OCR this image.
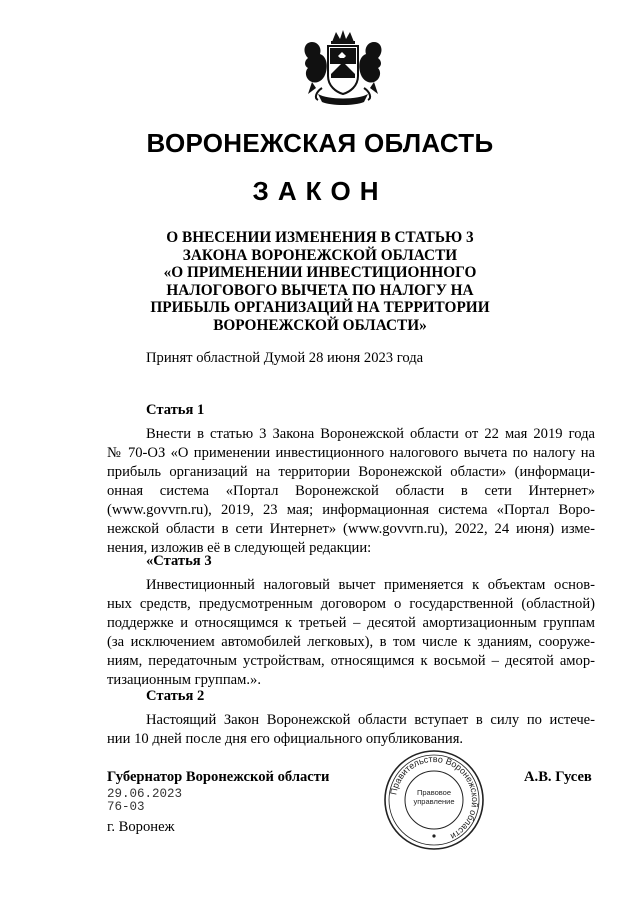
ВОРОНЕЖСКАЯ ОБЛАСТЬ
ЗАКОН
О ВНЕСЕНИИ ИЗМЕНЕНИЯ В СТАТЬЮ 3
ЗАКОНА ВОРОНЕЖСКОЙ ОБЛАСТИ
«О ПРИМЕНЕНИИ ИНВЕСТИЦИОННОГО
НАЛОГОВОГО ВЫЧЕТА ПО НАЛОГУ НА
ПРИБЫЛЬ ОРГАНИЗАЦИЙ НА ТЕРРИТОРИИ
ВОРОНЕЖСКОЙ ОБЛАСТИ»
Принят областной Думой 28 июня 2023 года
Статья 1
Внести в статью 3 Закона Воронежской области от 22 мая 2019 года
№ 70-ОЗ «О применении инвестиционного налогового вычета по налогу на
прибыль организаций на территории Воронежской области» (информаци-
онная система «Портал Воронежской области в сети Интернет»
(www.govvrn.ru), 2019, 23 мая; информационная система «Портал Воро-
нежской области в сети Интернет» (www.govvrn.ru), 2022, 24 июня) изме-
нения, изложив её в следующей редакции:
«Статья 3
Инвестиционный налоговый вычет применяется к объектам основ-
ных средств, предусмотренным договором о государственной (областной)
поддержке и относящимся к третьей – десятой амортизационным группам
(за исключением автомобилей легковых), в том числе к зданиям, сооруже-
ниям, передаточным устройствам, относящимся к восьмой – десятой амор-
тизационным группам.».
Статья 2
Настоящий Закон Воронежской области вступает в силу по истече-
нии 10 дней после дня его официального опубликования.
Губернатор Воронежской области	А.В. Гусев
29.06.2023
76-03
г. Воронеж
Правительство Воронежской области
Правовое управление
